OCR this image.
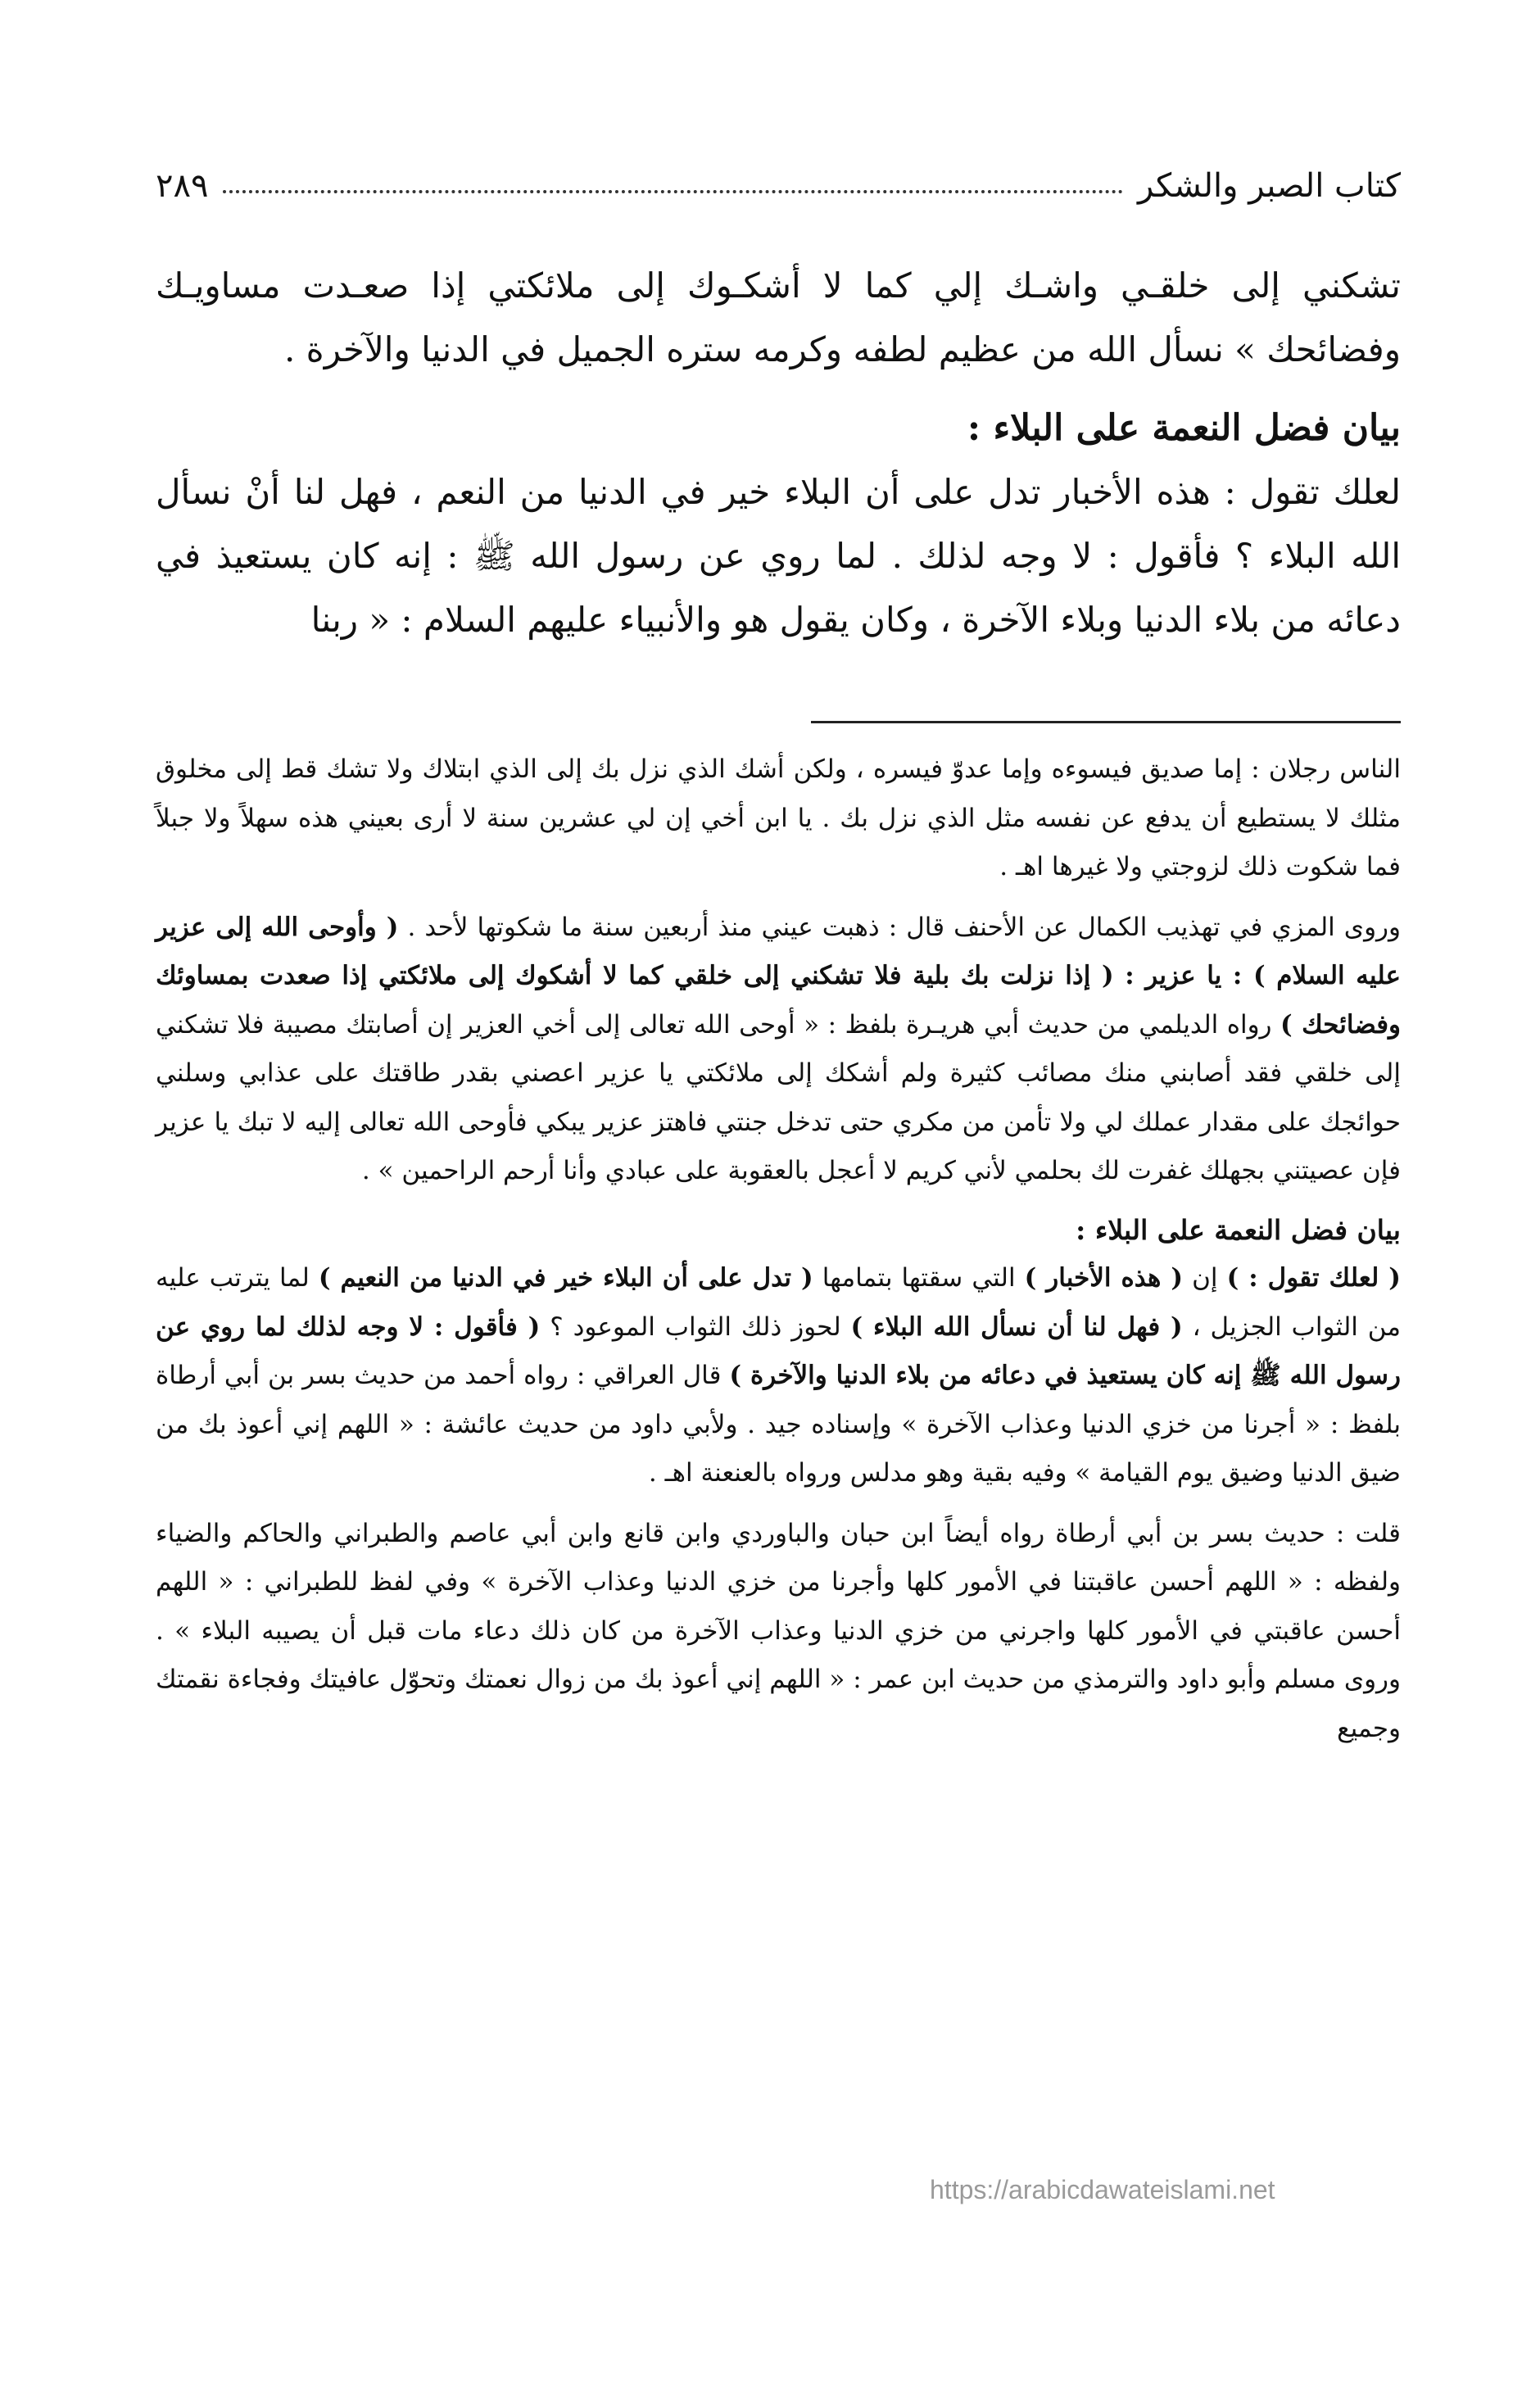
كتاب الصبر والشكر
٢٨٩

تشكني إلى خلقـي واشـك إلي كما لا أشكـوك إلى ملائكتي إذا صعـدت مساويـك وفضائحك » نسأل الله من عظيم لطفه وكرمه ستره الجميل في الدنيا والآخرة .

بيان فضل النعمة على البلاء :

لعلك تقول : هذه الأخبار تدل على أن البلاء خير في الدنيا من النعم ، فهل لنا أنْ نسأل الله البلاء ؟ فأقول : لا وجه لذلك . لما روي عن رسول الله ﷺ : إنه كان يستعيذ في دعائه من بلاء الدنيا وبلاء الآخرة ، وكان يقول هو والأنبياء عليهم السلام : « ربنا

الناس رجلان : إما صديق فيسوءه وإما عدوّ فيسره ، ولكن أشك الذي نزل بك إلى الذي ابتلاك ولا تشك قط إلى مخلوق مثلك لا يستطيع أن يدفع عن نفسه مثل الذي نزل بك . يا ابن أخي إن لي عشرين سنة لا أرى بعيني هذه سهلاً ولا جبلاً فما شكوت ذلك لزوجتي ولا غيرها اهـ .

وروى المزي في تهذيب الكمال عن الأحنف قال : ذهبت عيني منذ أربعين سنة ما شكوتها لأحد . ( وأوحى الله إلى عزير عليه السلام ) : يا عزير : ( إذا نزلت بك بلية فلا تشكني إلى خلقي كما لا أشكوك إلى ملائكتي إذا صعدت بمساوئك وفضائحك ) رواه الديلمي من حديث أبي هريـرة بلفظ : « أوحى الله تعالى إلى أخي العزير إن أصابتك مصيبة فلا تشكني إلى خلقي فقد أصابني منك مصائب كثيرة ولم أشكك إلى ملائكتي يا عزير اعصني بقدر طاقتك على عذابي وسلني حوائجك على مقدار عملك لي ولا تأمن من مكري حتى تدخل جنتي فاهتز عزير يبكي فأوحى الله تعالى إليه لا تبك يا عزير فإن عصيتني بجهلك غفرت لك بحلمي لأني كريم لا أعجل بالعقوبة على عبادي وأنا أرحم الراحمين » .

بيان فضل النعمة على البلاء :

( لعلك تقول : ) إن ( هذه الأخبار ) التي سقتها بتمامها ( تدل على أن البلاء خير في الدنيا من النعيم ) لما يترتب عليه من الثواب الجزيل ، ( فهل لنا أن نسأل الله البلاء ) لحوز ذلك الثواب الموعود ؟ ( فأقول : لا وجه لذلك لما روي عن رسول الله ﷺ إنه كان يستعيذ في دعائه من بلاء الدنيا والآخرة ) قال العراقي : رواه أحمد من حديث بسر بن أبي أرطاة بلفظ : « أجرنا من خزي الدنيا وعذاب الآخرة » وإسناده جيد . ولأبي داود من حديث عائشة : « اللهم إني أعوذ بك من ضيق الدنيا وضيق يوم القيامة » وفيه بقية وهو مدلس ورواه بالعنعنة اهـ .

قلت : حديث بسر بن أبي أرطاة رواه أيضاً ابن حبان والباوردي وابن قانع وابن أبي عاصم والطبراني والحاكم والضياء ولفظه : « اللهم أحسن عاقبتنا في الأمور كلها وأجرنا من خزي الدنيا وعذاب الآخرة » وفي لفظ للطبراني : « اللهم أحسن عاقبتي في الأمور كلها واجرني من خزي الدنيا وعذاب الآخرة من كان ذلك دعاء مات قبل أن يصيبه البلاء » . وروى مسلم وأبو داود والترمذي من حديث ابن عمر : « اللهم إني أعوذ بك من زوال نعمتك وتحوّل عافيتك وفجاءة نقمتك وجميع

https://arabicdawateislami.net
